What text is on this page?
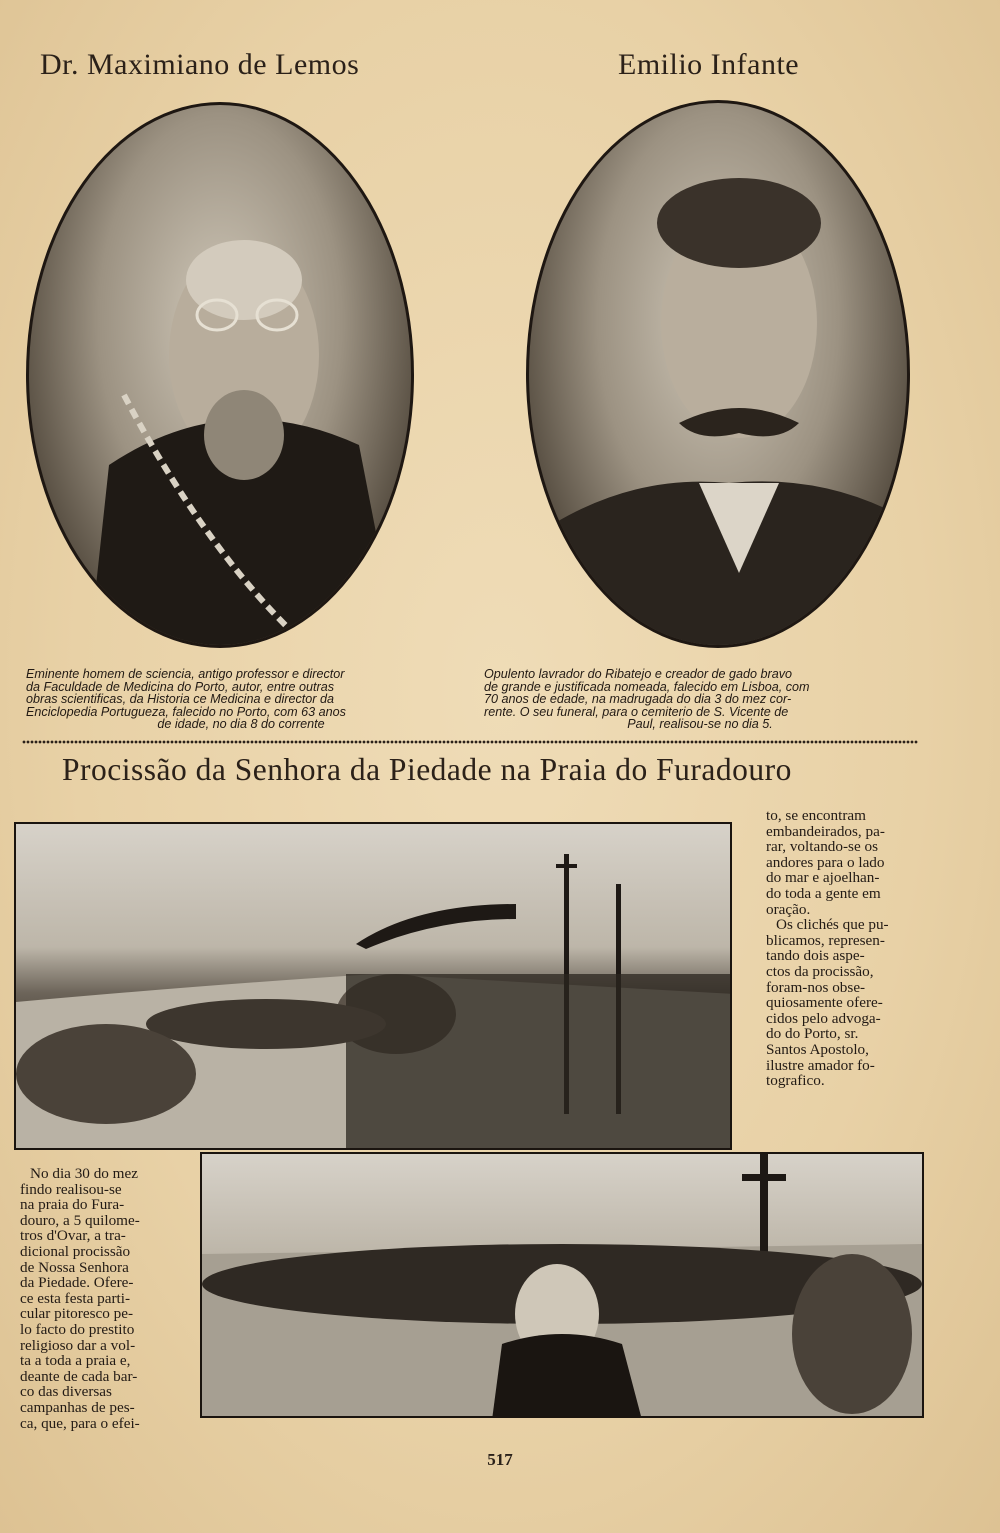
Dr. Maximiano de Lemos	Emilio Infante
Eminente homem de sciencia, antigo professor e director
da Faculdade de Medicina do Porto, autor, entre outras
obras scientificas, da Historia ce Medicina e director da
Enciclopedia Portugueza, falecido no Porto, com 63 anos
de idade, no dia 8 do corrente
Opulento lavrador do Ribatejo e creador de gado bravo
de grande e justificada nomeada, falecido em Lisboa, com
70 anos de edade, na madrugada do dia 3 do mez cor-
rente. O seu funeral, para o cemiterio de S. Vicente de
Paul, realisou-se no dia 5.
Procissão da Senhora da Piedade na Praia do Furadouro

to, se encontram

embandeirados, pa-

rar, voltando-se os

andores para o lado

do mar e ajoelhan-

do toda a gente em

oração.

Os clichés que pu-

blicamos, represen-

tando dois aspe-

ctos da procissão,

foram-nos obse-

quiosamente ofere-

cidos pelo advoga-

do do Porto, sr.

Santos Apostolo,

ilustre amador fo-

tografico.

No dia 30 do mez

findo realisou-se

na praia do Fura-

douro, a 5 quilome-

tros d'Ovar, a tra-

dicional procissão

de Nossa Senhora

da Piedade. Ofere-

ce esta festa parti-

cular pitoresco pe-

lo facto do prestito

religioso dar a vol-

ta a toda a praia e,

deante de cada bar-

co das diversas

campanhas de pes-

ca, que, para o efei-

517
